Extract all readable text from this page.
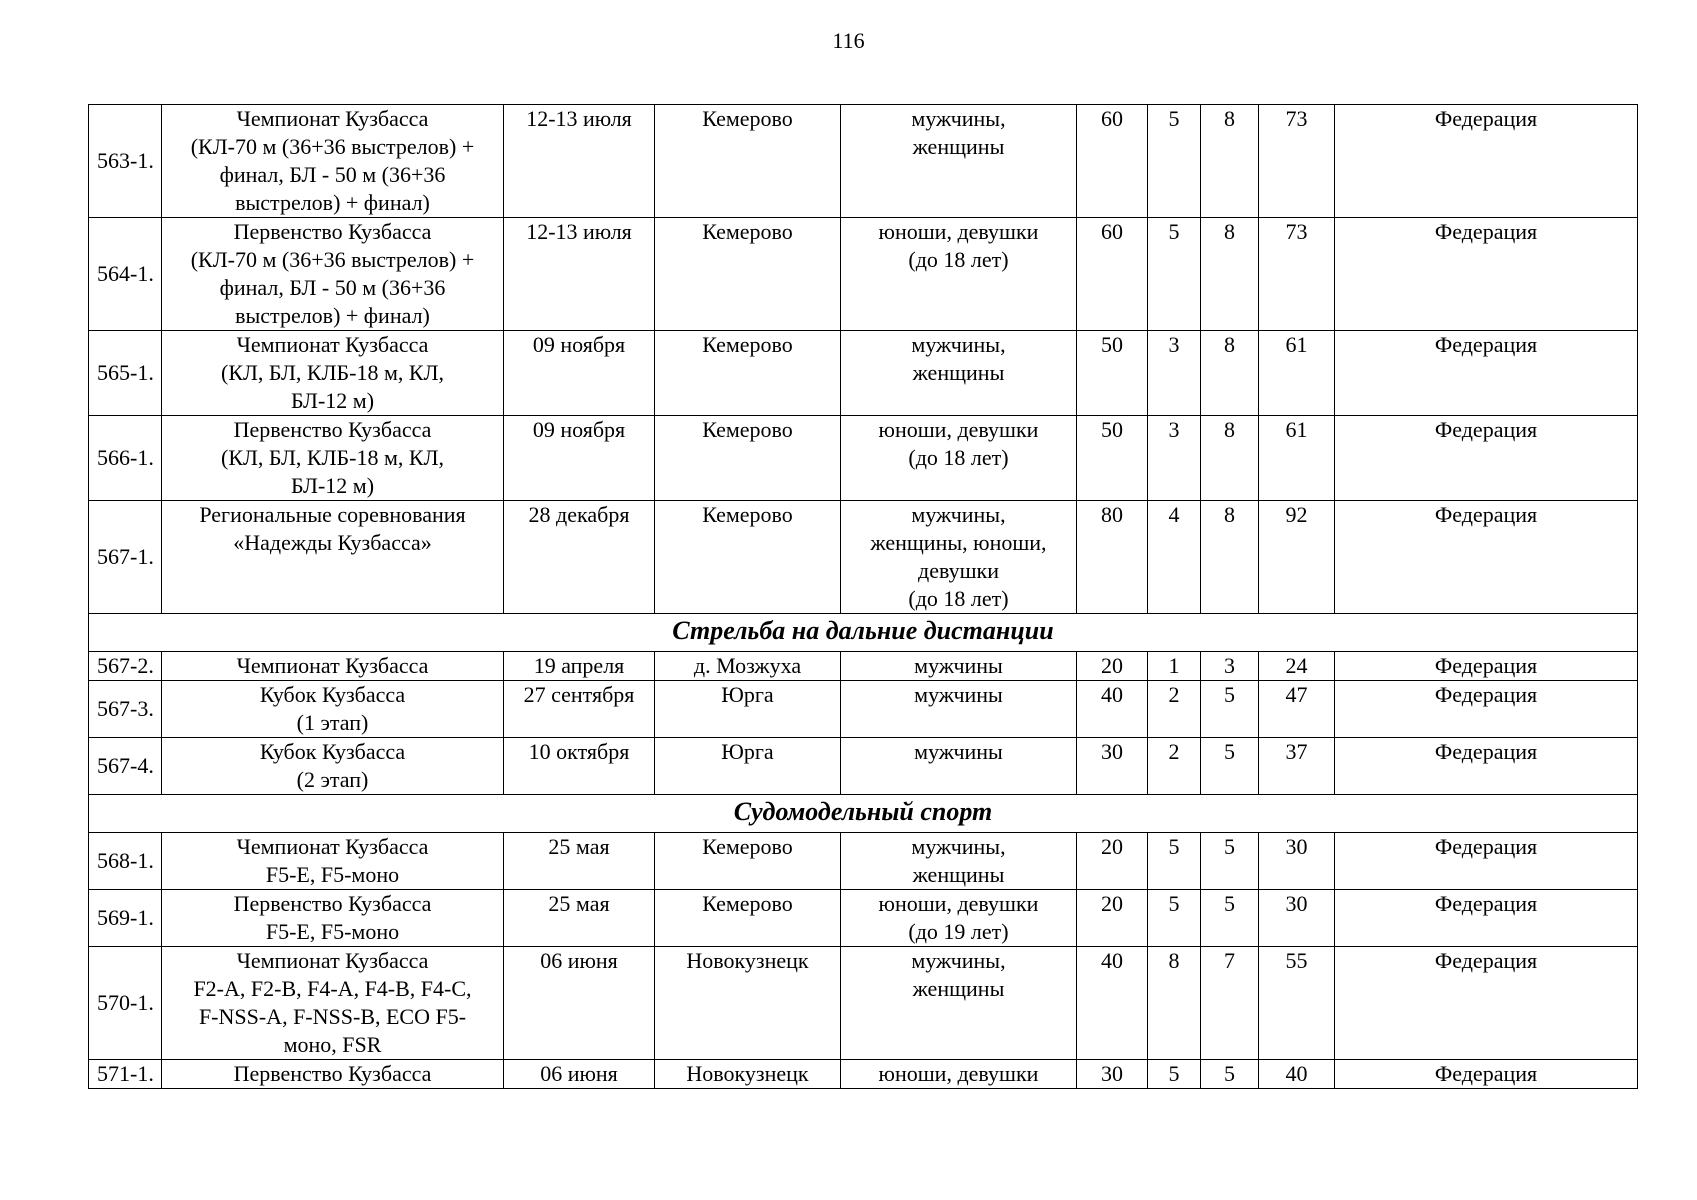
116
563-1.	Чемпионат Кузбасса
(КЛ-70 м (36+36 выстрелов) +
финал, БЛ - 50 м (36+36
выстрелов) + финал)	12-13 июля	Кемерово	мужчины,
женщины	60	5	8	73	Федерация
564-1.	Первенство Кузбасса
(КЛ-70 м (36+36 выстрелов) +
финал, БЛ - 50 м (36+36
выстрелов) + финал)	12-13 июля	Кемерово	юноши, девушки
(до 18 лет)	60	5	8	73	Федерация
565-1.	Чемпионат Кузбасса
(КЛ, БЛ, КЛБ-18 м, КЛ,
БЛ-12 м)	09 ноября	Кемерово	мужчины,
женщины	50	3	8	61	Федерация
566-1.	Первенство Кузбасса
(КЛ, БЛ, КЛБ-18 м, КЛ,
БЛ-12 м)	09 ноября	Кемерово	юноши, девушки
(до 18 лет)	50	3	8	61	Федерация
567-1.	Региональные соревнования
«Надежды Кузбасса»	28 декабря	Кемерово	мужчины,
женщины, юноши,
девушки
(до 18 лет)	80	4	8	92	Федерация
Стрельба на дальние дистанции									
567-2.	Чемпионат Кузбасса	19 апреля	д. Мозжуха	мужчины	20	1	3	24	Федерация
567-3.	Кубок Кузбасса
(1 этап)	27 сентября	Юрга	мужчины	40	2	5	47	Федерация
567-4.	Кубок Кузбасса
(2 этап)	10 октября	Юрга	мужчины	30	2	5	37	Федерация
Судомодельный спорт									
568-1.	Чемпионат Кузбасса
F5-E, F5-моно	25 мая	Кемерово	мужчины,
женщины	20	5	5	30	Федерация
569-1.	Первенство Кузбасса
F5-E, F5-моно	25 мая	Кемерово	юноши, девушки
(до 19 лет)	20	5	5	30	Федерация
570-1.	Чемпионат Кузбасса
F2-A, F2-B, F4-A, F4-B, F4-C,
F-NSS-A, F-NSS-B, ECO F5-
моно, FSR	06 июня	Новокузнецк	мужчины,
женщины	40	8	7	55	Федерация
571-1.	Первенство Кузбасса	06 июня	Новокузнецк	юноши, девушки	30	5	5	40	Федерация
